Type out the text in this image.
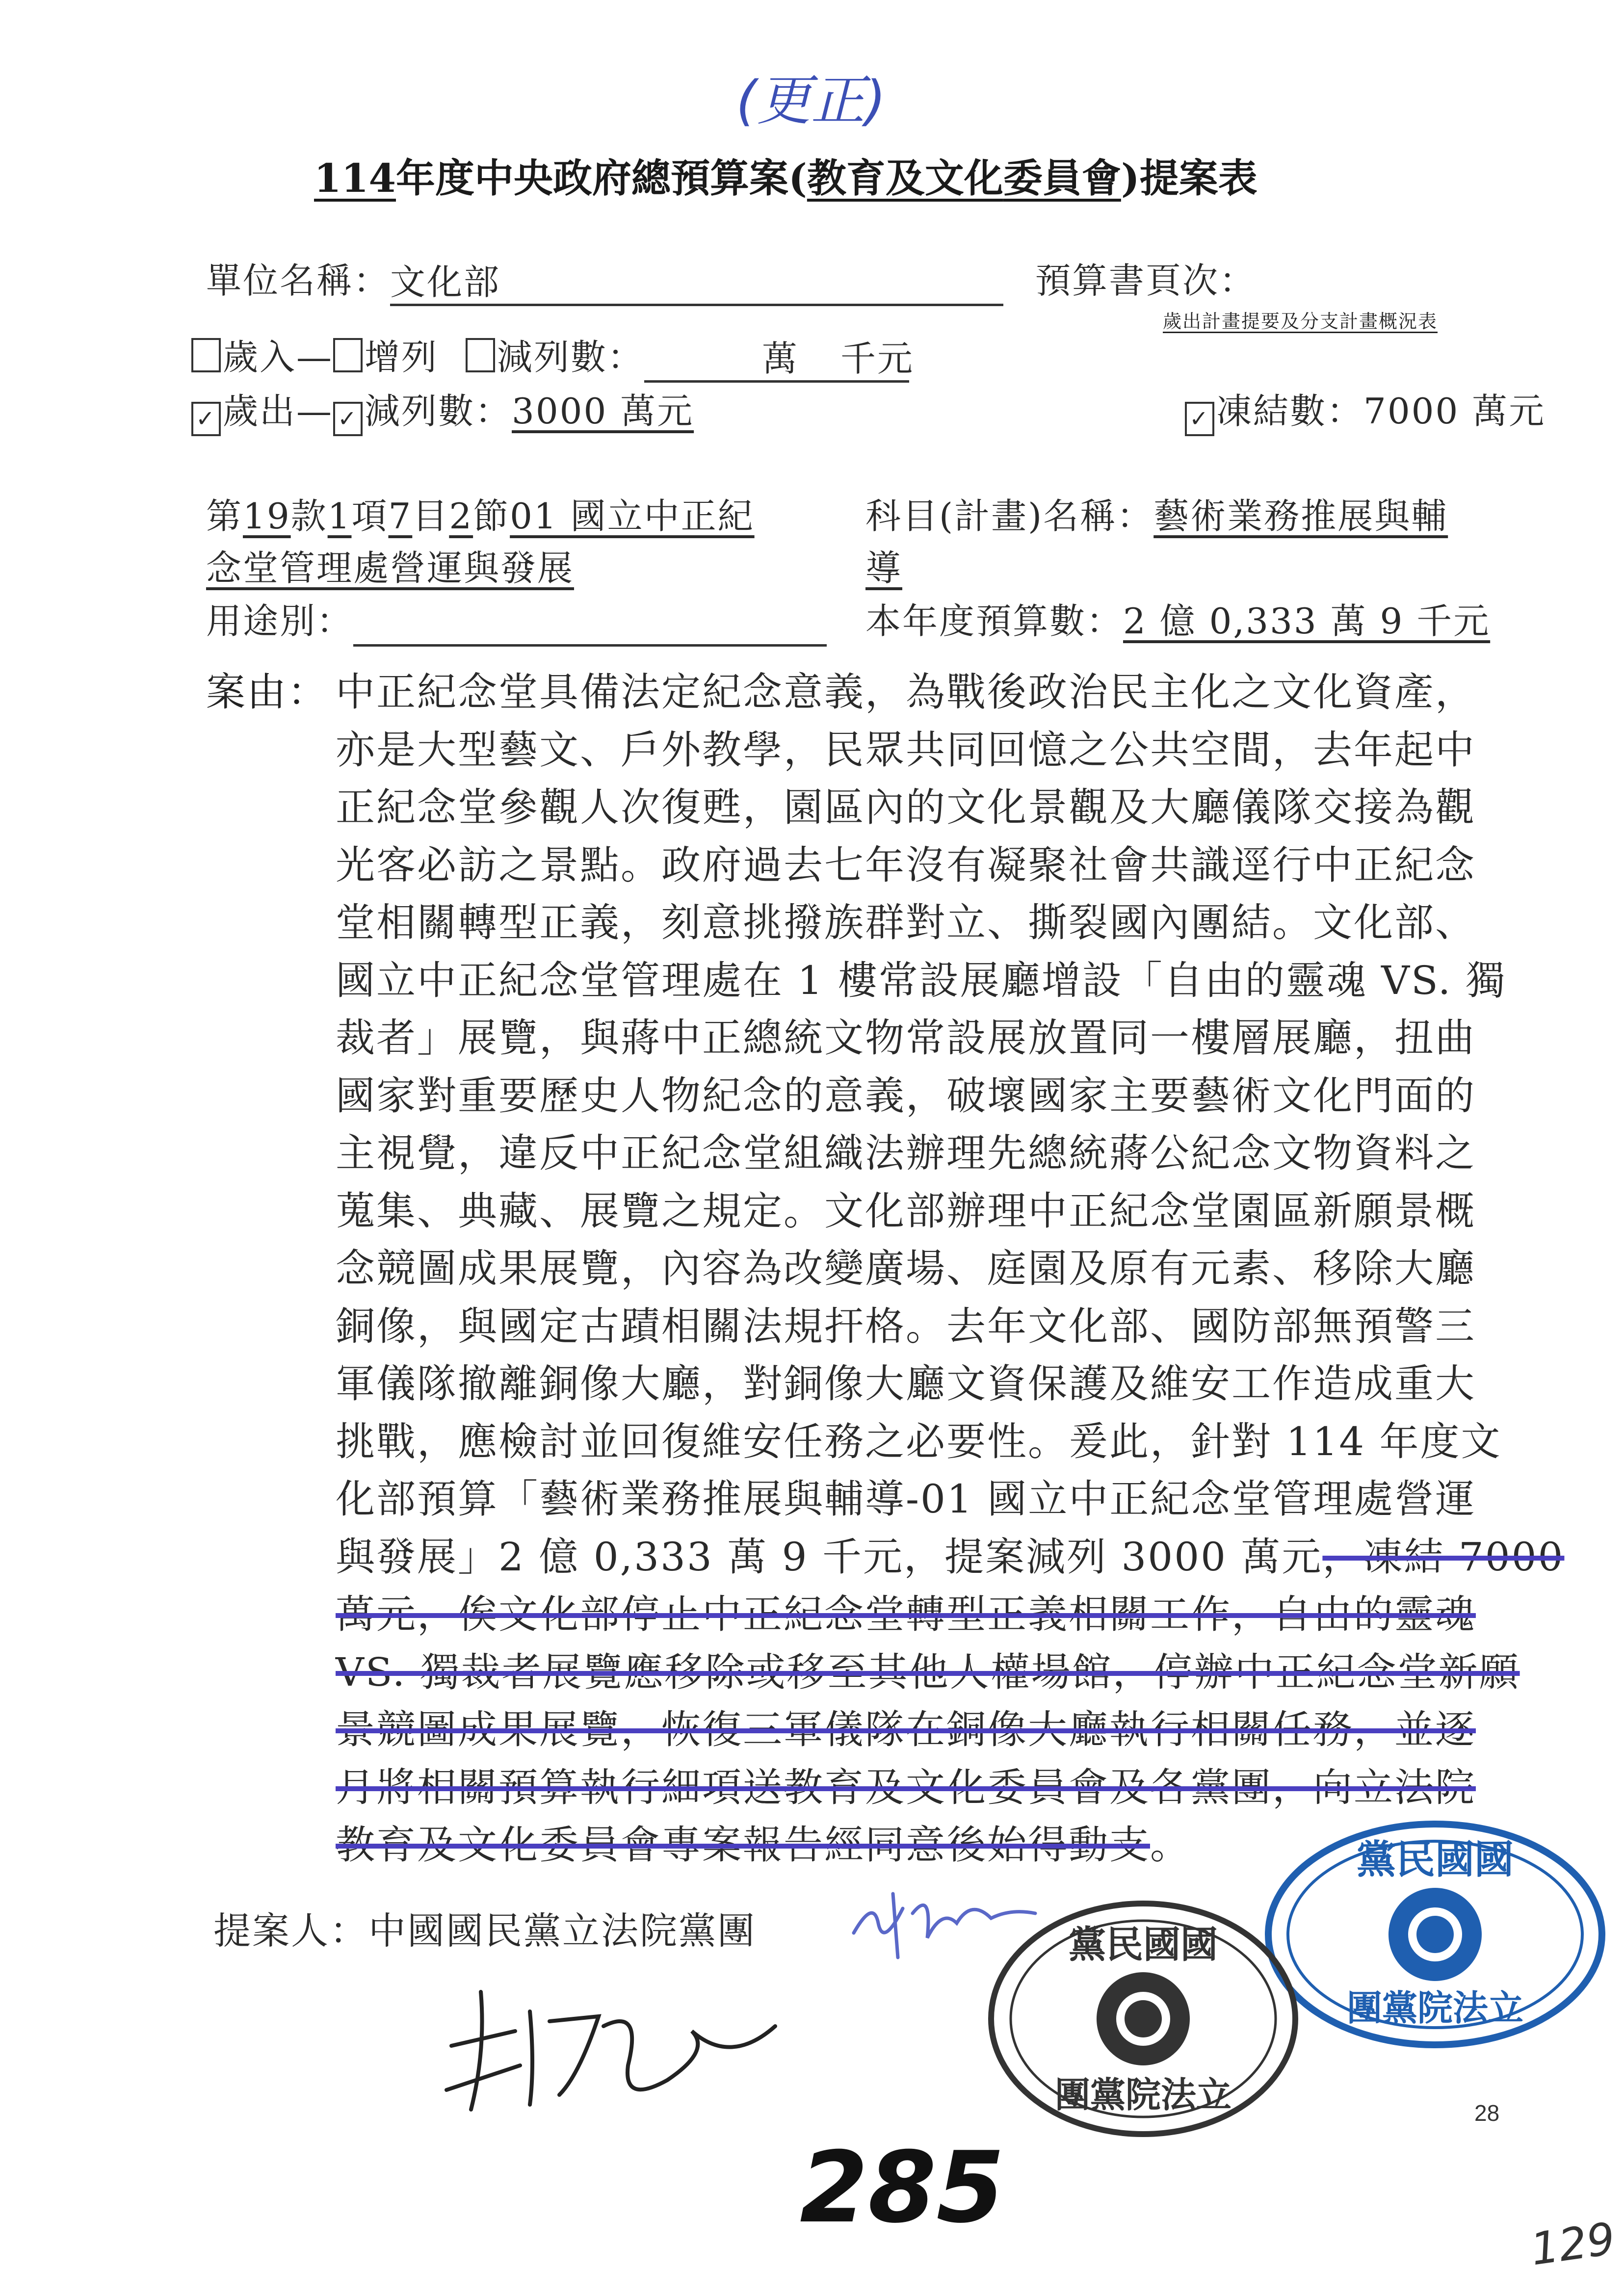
(更正)
114年度中央政府總預算案(教育及文化委員會)提案表
單位名稱： 文化部	預算書頁次：
歲出計畫提要及分支計畫概況表
歲入— 增列 減列數：	萬 千元
✓ 歲出— ✓ 減列數：3000 萬元	✓ 凍結數：7000 萬元
第19款1項7目2節01 國立中正紀
念堂管理處營運與發展
用途別：
科目(計畫)名稱：藝術業務推展與輔
導
本年度預算數：2 億 0,333 萬 9 千元
案由： 中正紀念堂具備法定紀念意義，為戰後政治民主化之文化資產，
亦是大型藝文、戶外教學，民眾共同回憶之公共空間，去年起中
正紀念堂參觀人次復甦，園區內的文化景觀及大廳儀隊交接為觀
光客必訪之景點。政府過去七年沒有凝聚社會共識逕行中正紀念
堂相關轉型正義，刻意挑撥族群對立、撕裂國內團結。文化部、
國立中正紀念堂管理處在 1 樓常設展廳增設「自由的靈魂 VS. 獨
裁者」展覽，與蔣中正總統文物常設展放置同一樓層展廳，扭曲
國家對重要歷史人物紀念的意義，破壞國家主要藝術文化門面的
主視覺，違反中正紀念堂組織法辦理先總統蔣公紀念文物資料之
蒐集、典藏、展覽之規定。文化部辦理中正紀念堂園區新願景概
念競圖成果展覽，內容為改變廣場、庭園及原有元素、移除大廳
銅像，與國定古蹟相關法規扞格。去年文化部、國防部無預警三
軍儀隊撤離銅像大廳，對銅像大廳文資保護及維安工作造成重大
挑戰，應檢討並回復維安任務之必要性。爰此，針對 114 年度文
化部預算「藝術業務推展與輔導-01 國立中正紀念堂管理處營運
與發展」2 億 0,333 萬 9 千元，提案減列 3000 萬元，凍結 7000
萬元，俟文化部停止中正紀念堂轉型正義相關工作，自由的靈魂
VS. 獨裁者展覽應移除或移至其他人權場館，停辦中正紀念堂新願
景競圖成果展覽，恢復三軍儀隊在銅像大廳執行相關任務，並逐
月將相關預算執行細項送教育及文化委員會及各黨團，向立法院
教育及文化委員會專案報告經同意後始得動支。
提案人：中國國民黨立法院黨團
黨民國國
團黨院法立
黨民國國
團黨院法立	28
285	129
